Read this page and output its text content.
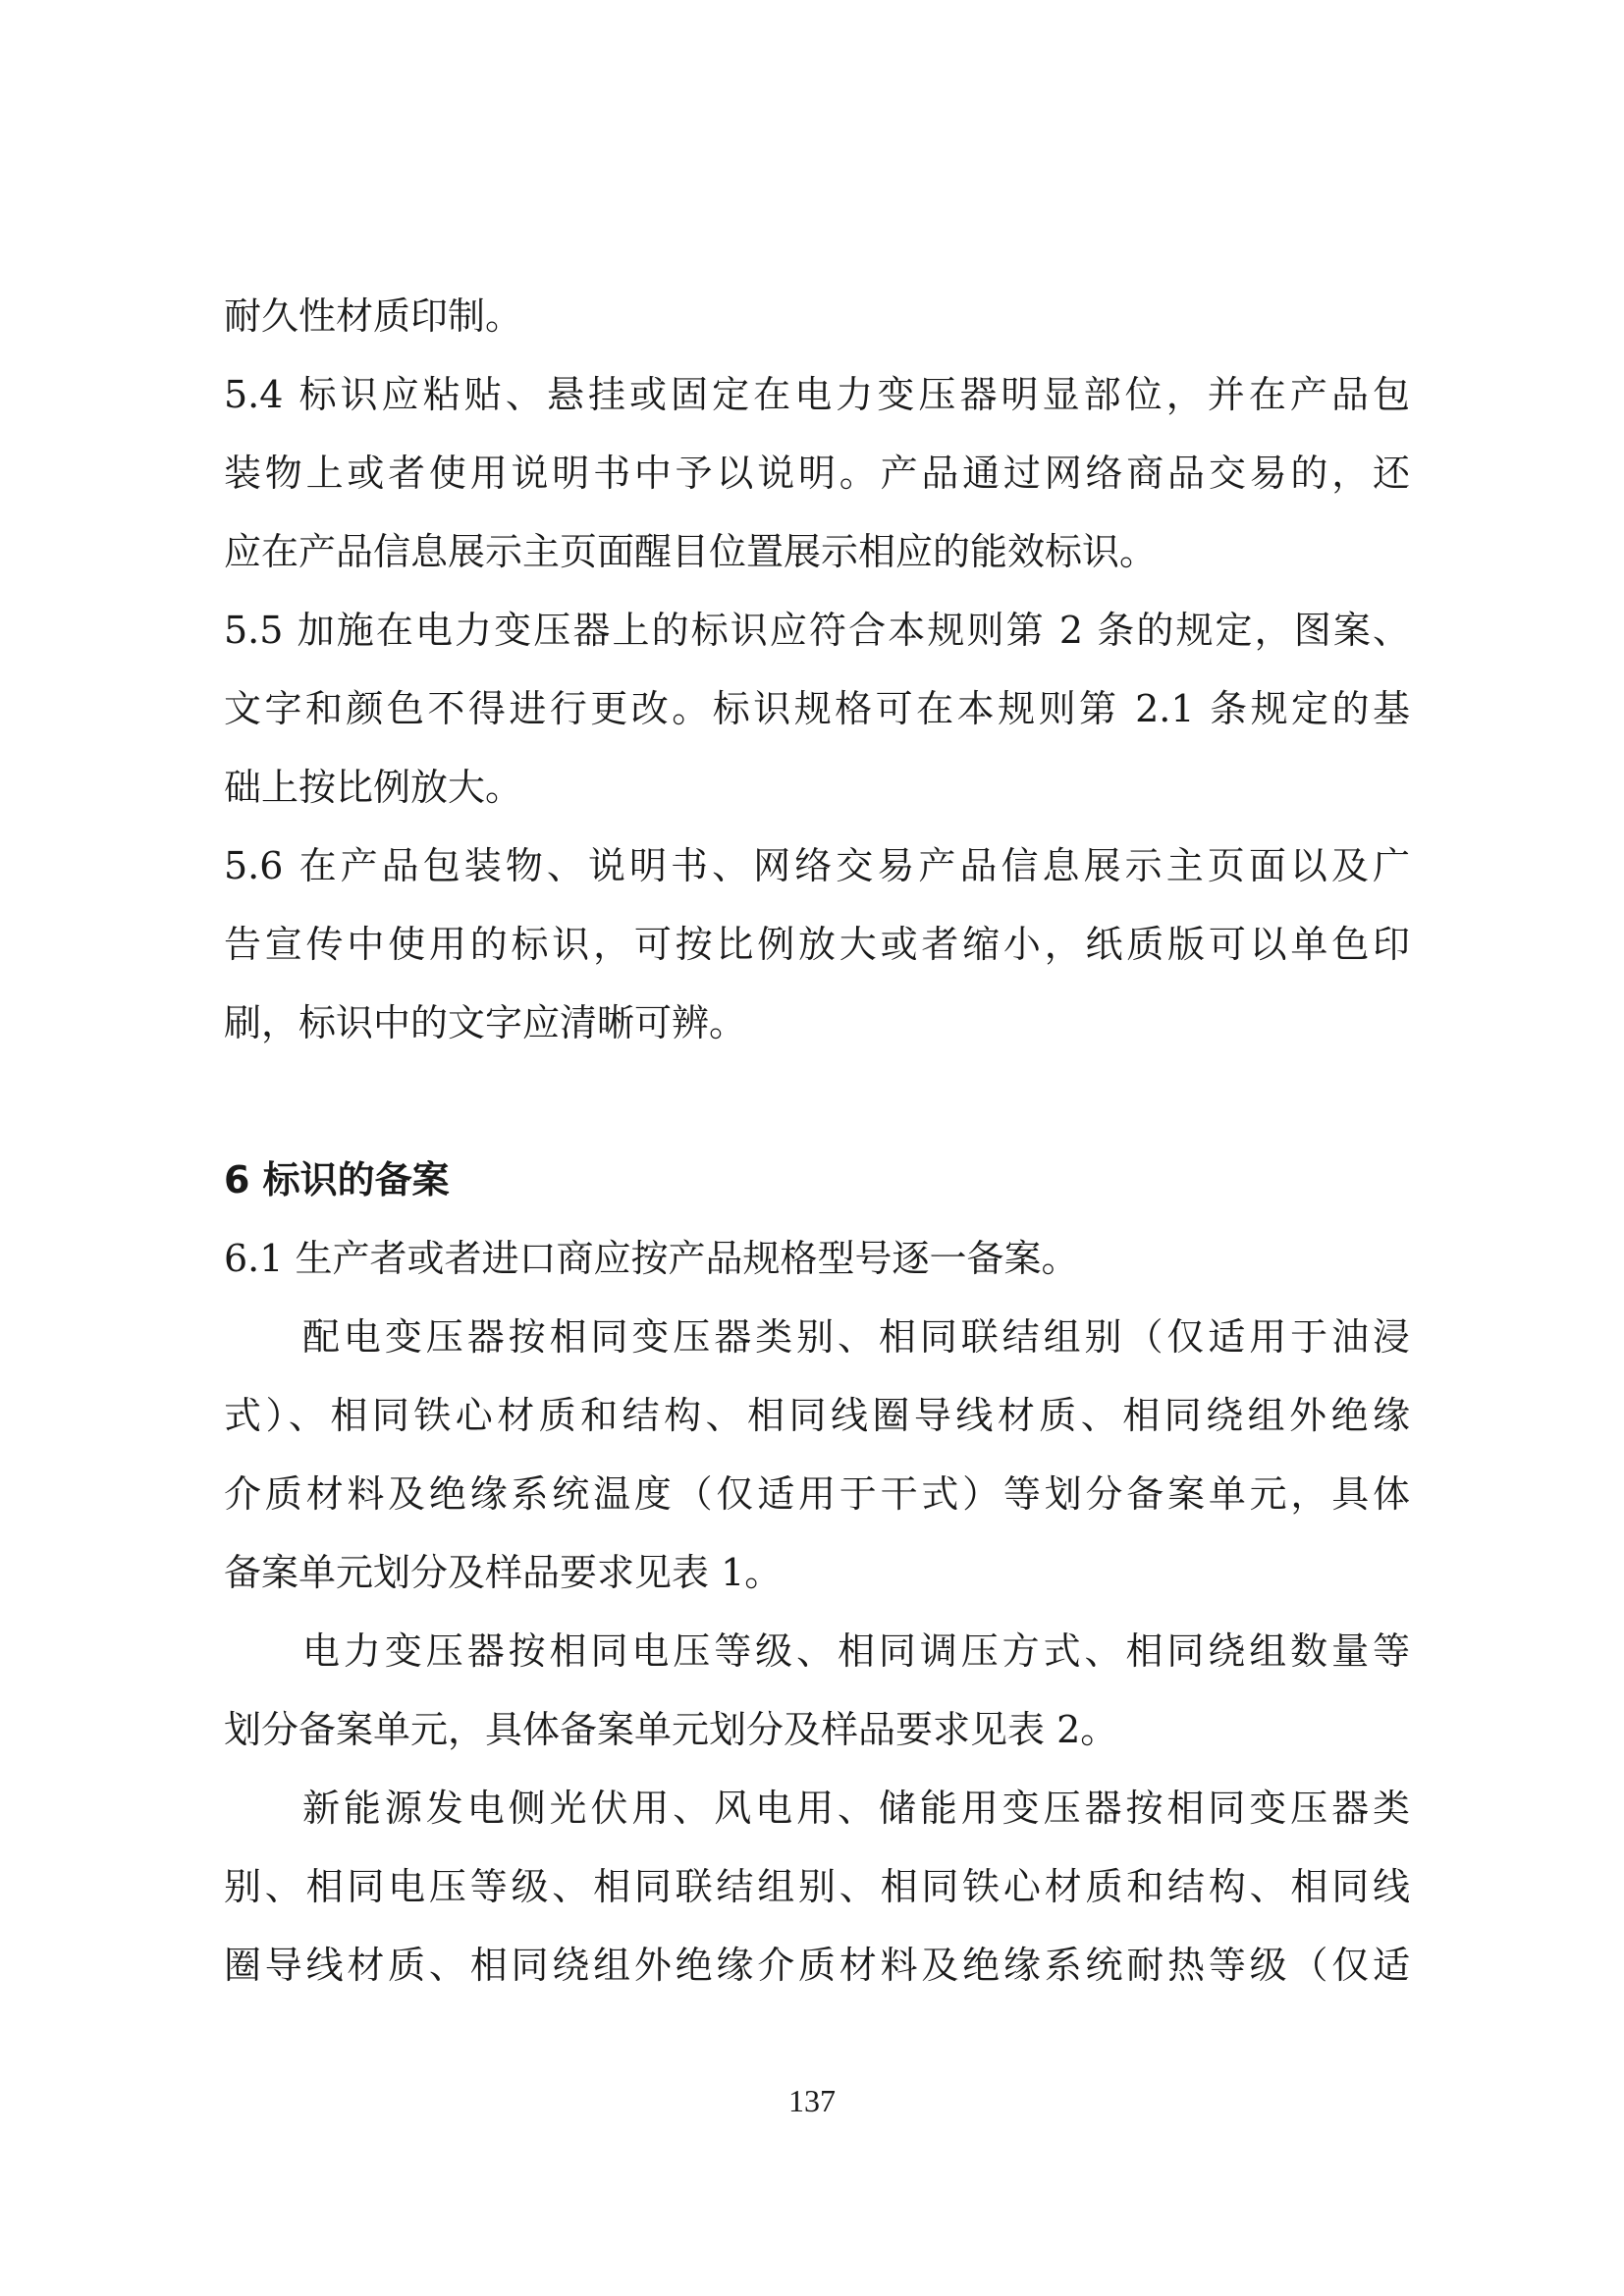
耐久性材质印制。
5.4 标识应粘贴、悬挂或固定在电力变压器明显部位，并在产品包
装物上或者使用说明书中予以说明。产品通过网络商品交易的，还
应在产品信息展示主页面醒目位置展示相应的能效标识。
5.5 加施在电力变压器上的标识应符合本规则第 2 条的规定，图案、
文字和颜色不得进行更改。标识规格可在本规则第 2.1 条规定的基
础上按比例放大。
5.6 在产品包装物、说明书、网络交易产品信息展示主页面以及广
告宣传中使用的标识，可按比例放大或者缩小，纸质版可以单色印
刷，标识中的文字应清晰可辨。
6 标识的备案
6.1 生产者或者进口商应按产品规格型号逐一备案。
配电变压器按相同变压器类别、相同联结组别（仅适用于油浸
式）、相同铁心材质和结构、相同线圈导线材质、相同绕组外绝缘
介质材料及绝缘系统温度（仅适用于干式）等划分备案单元，具体
备案单元划分及样品要求见表 1。
电力变压器按相同电压等级、相同调压方式、相同绕组数量等
划分备案单元，具体备案单元划分及样品要求见表 2。
新能源发电侧光伏用、风电用、储能用变压器按相同变压器类
别、相同电压等级、相同联结组别、相同铁心材质和结构、相同线
圈导线材质、相同绕组外绝缘介质材料及绝缘系统耐热等级（仅适
137
